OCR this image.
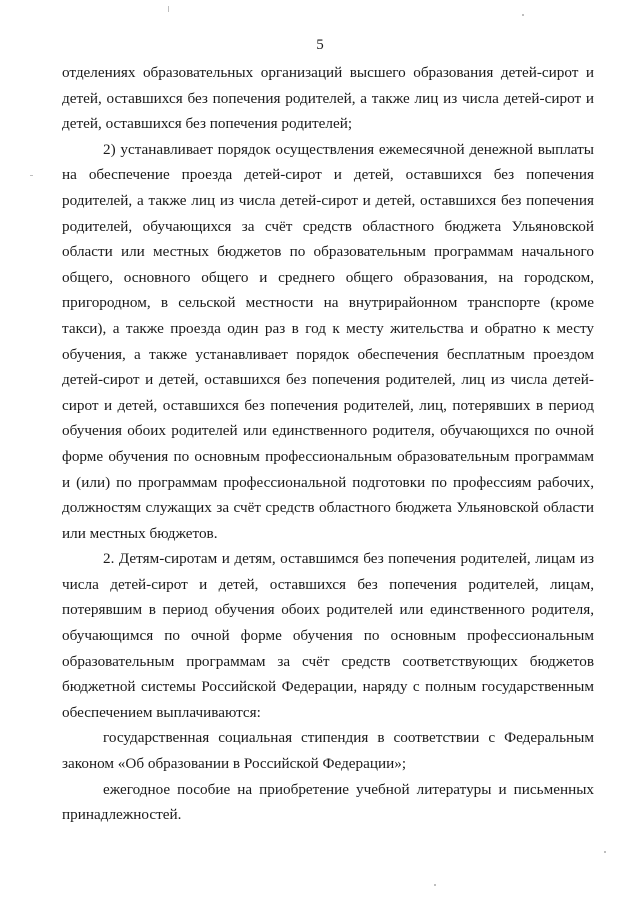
5

отделениях образовательных организаций высшего образования детей-сирот и детей, оставшихся без попечения родителей, а также лиц из числа детей-сирот и детей, оставшихся без попечения родителей;

2) устанавливает порядок осуществления ежемесячной денежной выплаты на обеспечение проезда детей-сирот и детей, оставшихся без попечения родителей, а также лиц из числа детей-сирот и детей, оставшихся без попечения родителей, обучающихся за счёт средств областного бюджета Ульяновской области или местных бюджетов по образовательным программам начального общего, основного общего и среднего общего образования, на городском, пригородном, в сельской местности на внутрирайонном транспорте (кроме такси), а также проезда один раз в год к месту жительства и обратно к месту обучения, а также устанавливает порядок обеспечения бесплатным проездом детей-сирот и детей, оставшихся без попечения родителей, лиц из числа детей-сирот и детей, оставшихся без попечения родителей, лиц, потерявших в период обучения обоих родителей или единственного родителя, обучающихся по очной форме обучения по основным профессиональным образовательным программам и (или) по программам профессиональной подготовки по профессиям рабочих, должностям служащих за счёт средств областного бюджета Ульяновской области или местных бюджетов.

2. Детям-сиротам и детям, оставшимся без попечения родителей, лицам из числа детей-сирот и детей, оставшихся без попечения родителей, лицам, потерявшим в период обучения обоих родителей или единственного родителя, обучающимся по очной форме обучения по основным профессиональным образовательным программам за счёт средств соответствующих бюджетов бюджетной системы Российской Федерации, наряду с полным государственным обеспечением выплачиваются:

государственная социальная стипендия в соответствии с Федеральным законом «Об образовании в Российской Федерации»;

ежегодное пособие на приобретение учебной литературы и письменных принадлежностей.
